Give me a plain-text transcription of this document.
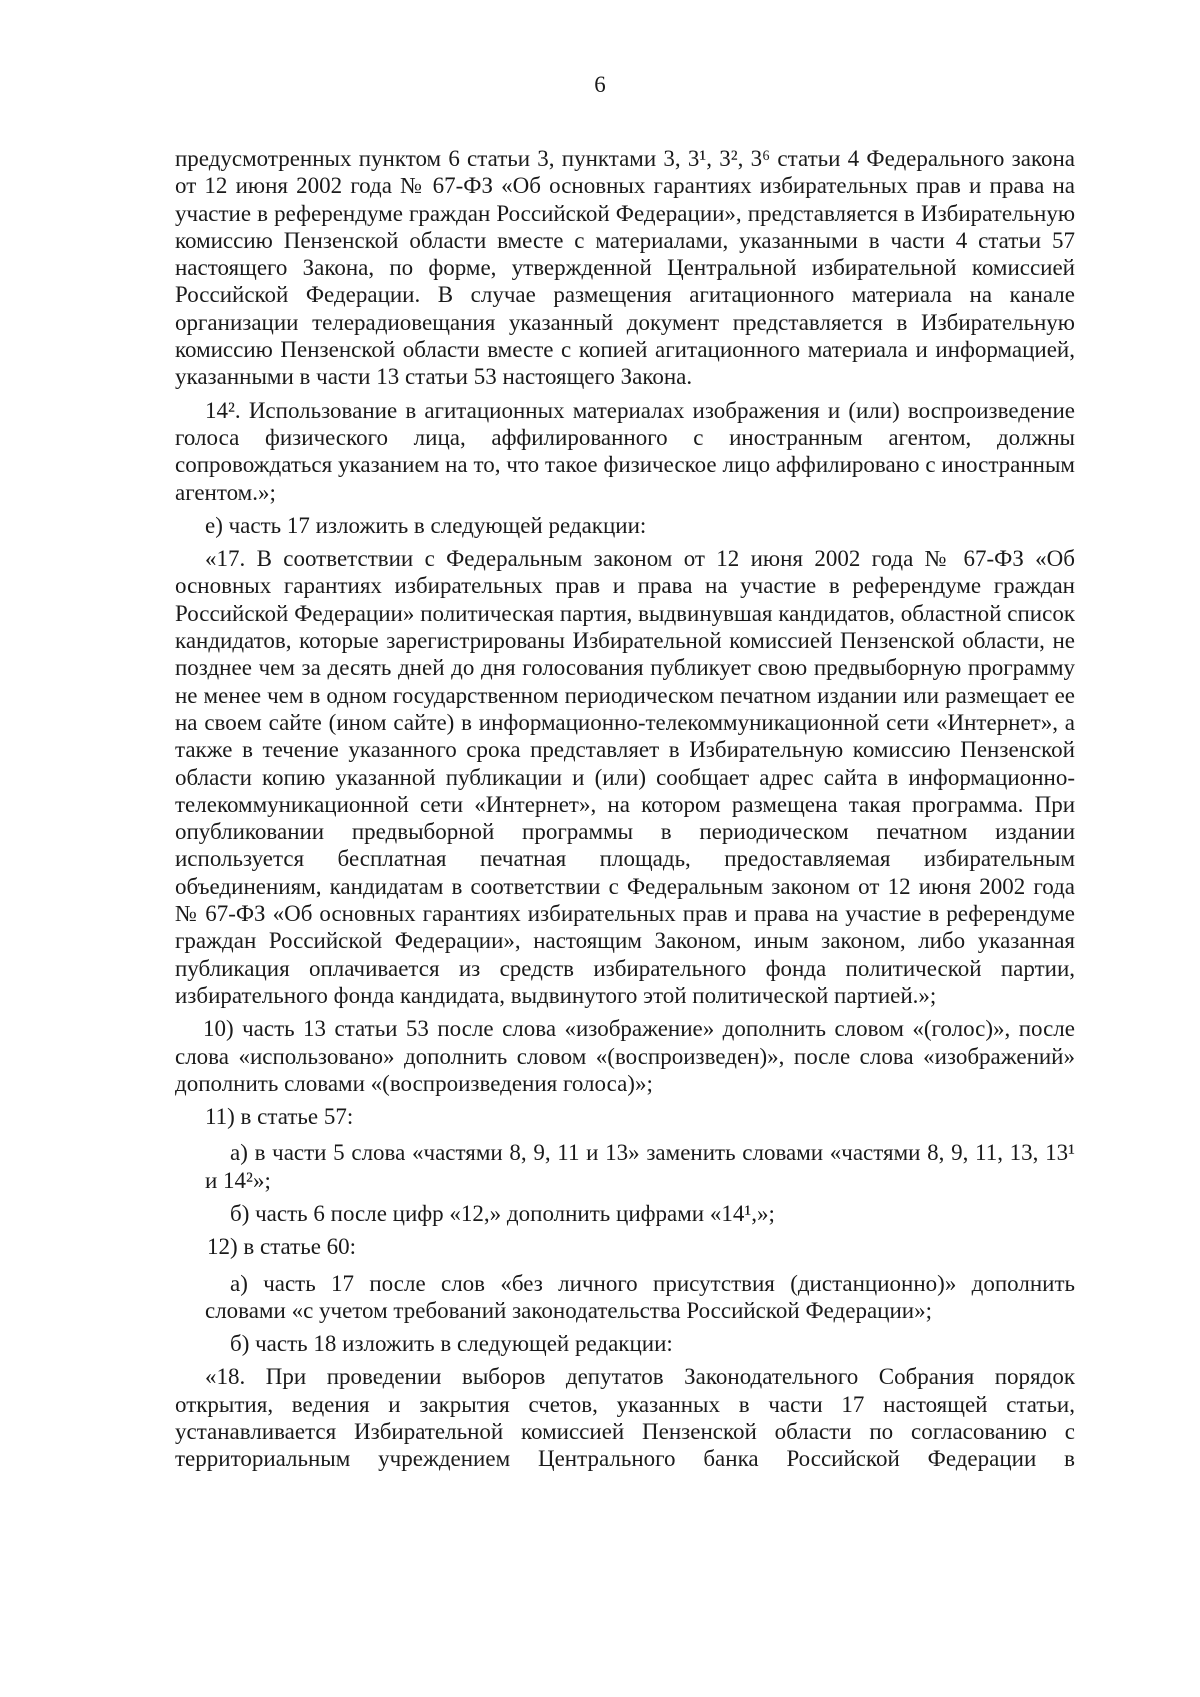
6

предусмотренных пунктом 6 статьи 3, пунктами 3, 3¹, 3², 3⁶ статьи 4 Федерального закона от 12 июня 2002 года № 67-ФЗ «Об основных гарантиях избирательных прав и права на участие в референдуме граждан Российской Федерации», представляется в Избирательную комиссию Пензенской области вместе с материалами, указанными в части 4 статьи 57 настоящего Закона, по форме, утвержденной Центральной избирательной комиссией Российской Федерации. В случае размещения агитационного материала на канале организации телерадиовещания указанный документ представляется в Избирательную комиссию Пензенской области вместе с копией агитационного материала и информацией, указанными в части 13 статьи 53 настоящего Закона.

14². Использование в агитационных материалах изображения и (или) воспроизведение голоса физического лица, аффилированного с иностранным агентом, должны сопровождаться указанием на то, что такое физическое лицо аффилировано с иностранным агентом.»;

е) часть 17 изложить в следующей редакции:

«17. В соответствии с Федеральным законом от 12 июня 2002 года № 67-ФЗ «Об основных гарантиях избирательных прав и права на участие в референдуме граждан Российской Федерации» политическая партия, выдвинувшая кандидатов, областной список кандидатов, которые зарегистрированы Избирательной комиссией Пензенской области, не позднее чем за десять дней до дня голосования публикует свою предвыборную программу не менее чем в одном государственном периодическом печатном издании или размещает ее на своем сайте (ином сайте) в информационно-телекоммуникационной сети «Интернет», а также в течение указанного срока представляет в Избирательную комиссию Пензенской области копию указанной публикации и (или) сообщает адрес сайта в информационно-телекоммуникационной сети «Интернет», на котором размещена такая программа. При опубликовании предвыборной программы в периодическом печатном издании используется бесплатная печатная площадь, предоставляемая избирательным объединениям, кандидатам в соответствии с Федеральным законом от 12 июня 2002 года № 67-ФЗ «Об основных гарантиях избирательных прав и права на участие в референдуме граждан Российской Федерации», настоящим Законом, иным законом, либо указанная публикация оплачивается из средств избирательного фонда политической партии, избирательного фонда кандидата, выдвинутого этой политической партией.»;

10) часть 13 статьи 53 после слова «изображение» дополнить словом «(голос)», после слова «использовано» дополнить словом «(воспроизведен)», после слова «изображений» дополнить словами «(воспроизведения голоса)»;

11) в статье 57:

а) в части 5 слова «частями 8, 9, 11 и 13» заменить словами «частями 8, 9, 11, 13, 13¹ и 14²»;

б) часть 6 после цифр «12,» дополнить цифрами «14¹,»;

12) в статье 60:

а) часть 17 после слов «без личного присутствия (дистанционно)» дополнить словами «с учетом требований законодательства Российской Федерации»;

б) часть 18 изложить в следующей редакции:

«18. При проведении выборов депутатов Законодательного Собрания порядок открытия, ведения и закрытия счетов, указанных в части 17 настоящей статьи, устанавливается Избирательной комиссией Пензенской области по согласованию с территориальным учреждением Центрального банка Российской Федерации в
